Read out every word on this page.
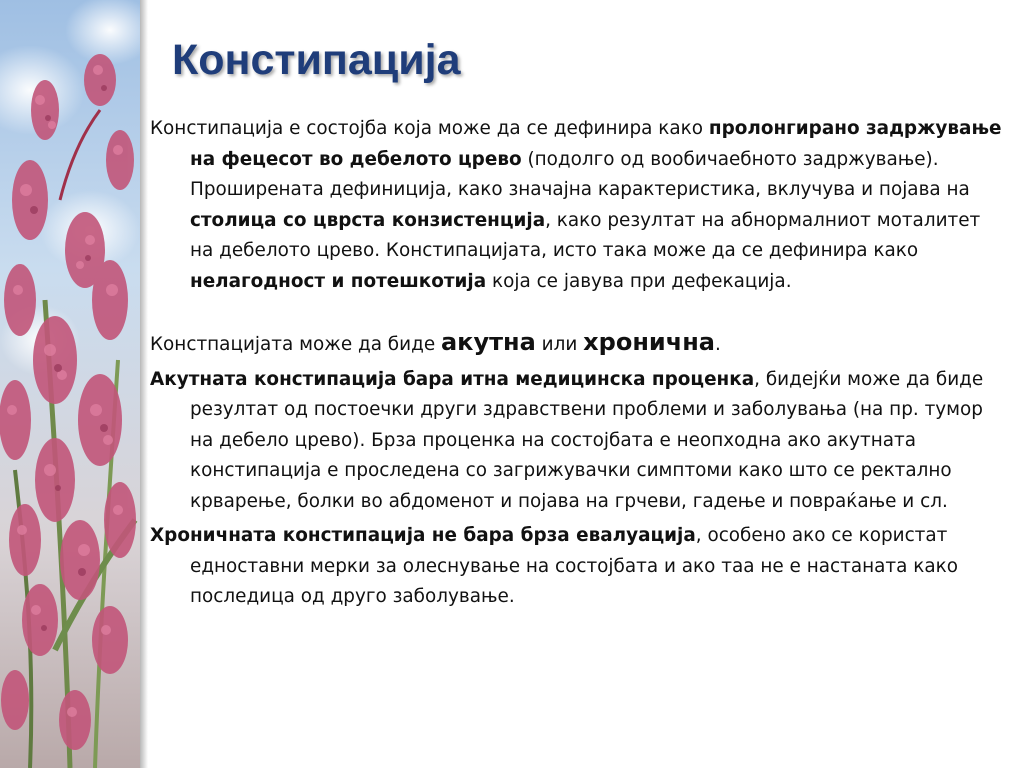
Констипација

Констипација е состојба која може да се дефинира како пролонгирано задржување на фецесот во дебелото црево (подолго од вообичаебното задржување). Проширената дефиниција, како значајна карактеристика, вклучува и појава на столица со цврста конзистенција, како резултат на абнормалниот моталитет на дебелото црево. Констипацијата, исто така може да се дефинира како нелагодност и потешкотија која се јавува при дефекација.

Констпацијата може да биде акутна или хронична.

Акутната констипација бара итна медицинска проценка, бидејќи може да биде резултат од постоечки други здравствени проблеми и заболувања (на пр. тумор на дебело црево). Брза проценка на состојбата е неопходна ако акутната констипација е проследена со загрижувачки симптоми како што се ректално крварење, болки во абдоменот и појава на грчеви, гадење и повраќање и сл.

Хроничната констипација не бара брза евалуација, особено ако се користат едноставни мерки за олеснување на состојбата и ако таа не е настаната како последица од друго заболување.
